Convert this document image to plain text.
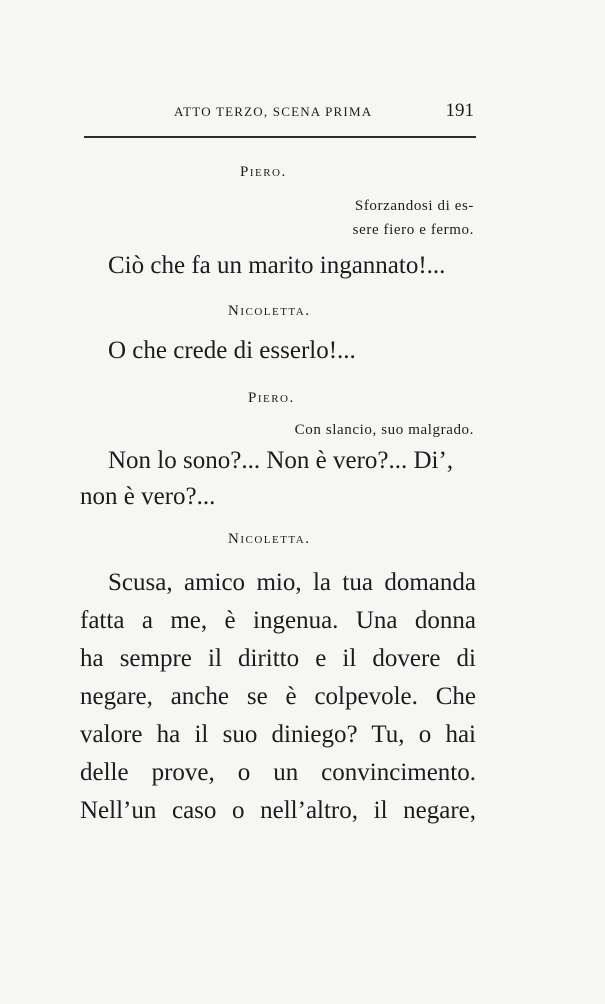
ATTO TERZO, SCENA PRIMA	191
Piero.
Sforzandosi di es-
sere fiero e fermo.
Ciò che fa un marito ingannato!...
Nicoletta.
O che crede di esserlo!...
Piero.
Con slancio, suo malgrado.
Non lo sono?... Non è vero?... Di’,
non è vero?...
Nicoletta.
Scusa, amico mio, la tua domanda
fatta a me, è ingenua. Una donna
ha sempre il diritto e il dovere di
negare, anche se è colpevole. Che
valore ha il suo diniego? Tu, o hai
delle prove, o un convincimento.
Nell’un caso o nell’altro, il negare,
